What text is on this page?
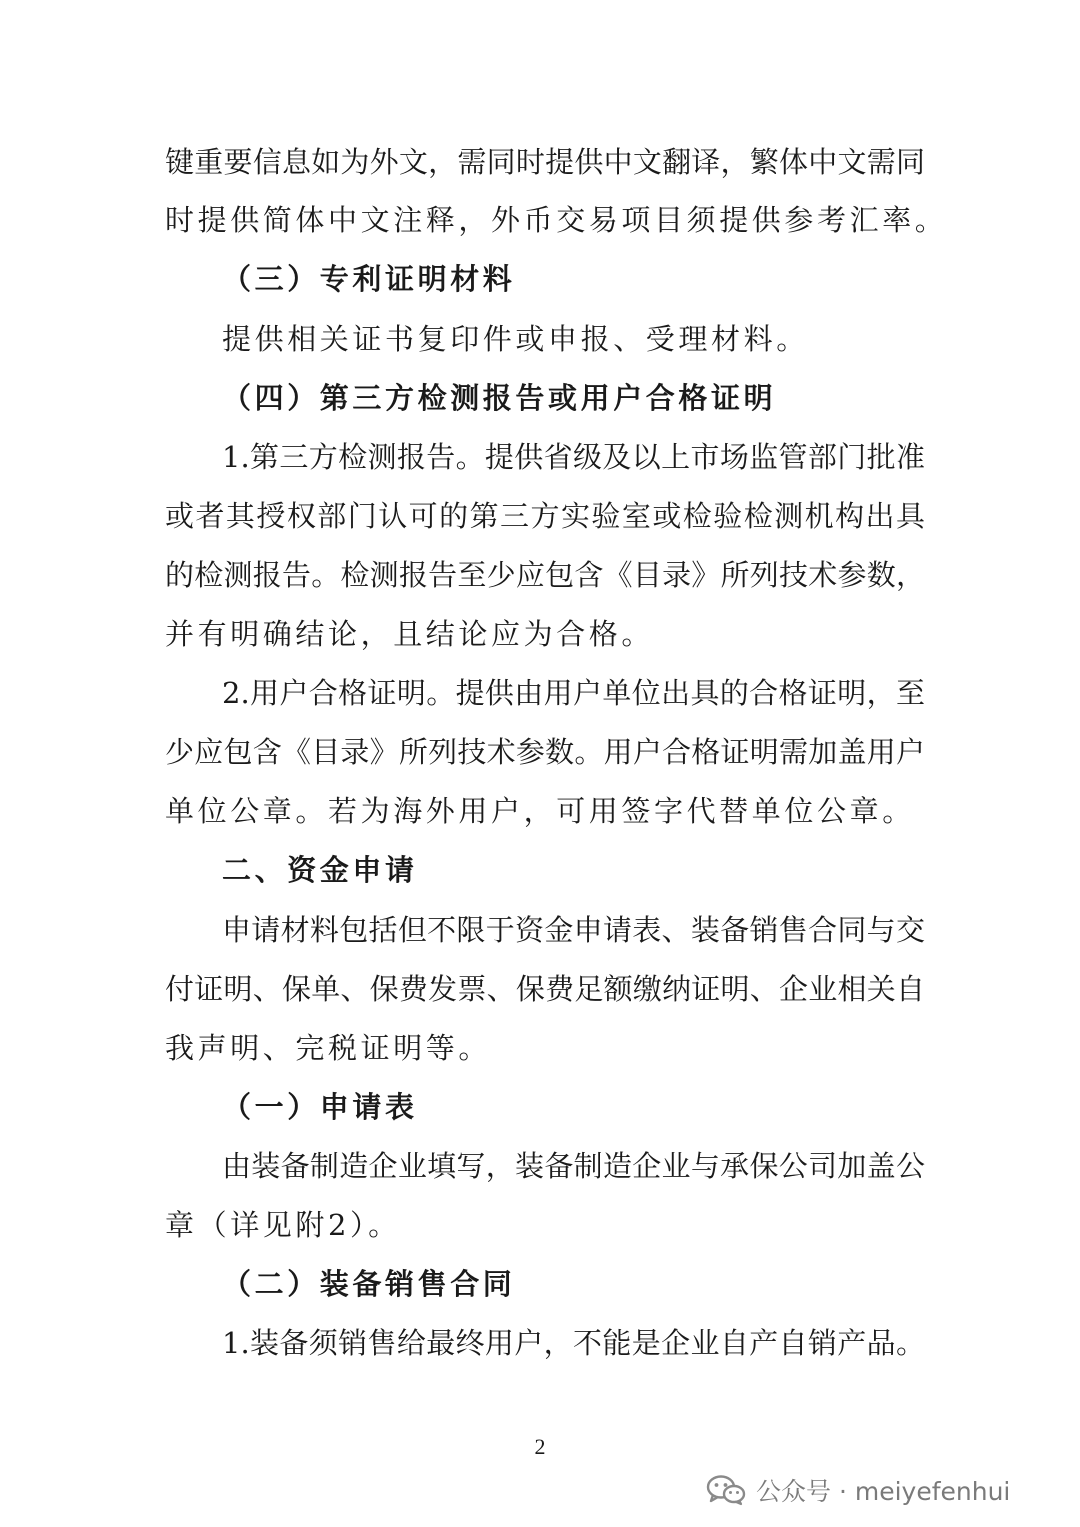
键重要信息如为外文，需同时提供中文翻译，繁体中文需同
时提供简体中文注释，外币交易项目须提供参考汇率。
（三）专利证明材料
提供相关证书复印件或申报、受理材料。
（四）第三方检测报告或用户合格证明
1.第三方检测报告。提供省级及以上市场监管部门批准
或者其授权部门认可的第三方实验室或检验检测机构出具
的检测报告。检测报告至少应包含《目录》所列技术参数，
并有明确结论，且结论应为合格。
2.用户合格证明。提供由用户单位出具的合格证明，至
少应包含《目录》所列技术参数。用户合格证明需加盖用户
单位公章。若为海外用户，可用签字代替单位公章。
二、资金申请
申请材料包括但不限于资金申请表、装备销售合同与交
付证明、保单、保费发票、保费足额缴纳证明、企业相关自
我声明、完税证明等。
（一）申请表
由装备制造企业填写，装备制造企业与承保公司加盖公
章（详见附2）。
（二）装备销售合同
1.装备须销售给最终用户，不能是企业自产自销产品。
2
公众号 · meiyefenhui
